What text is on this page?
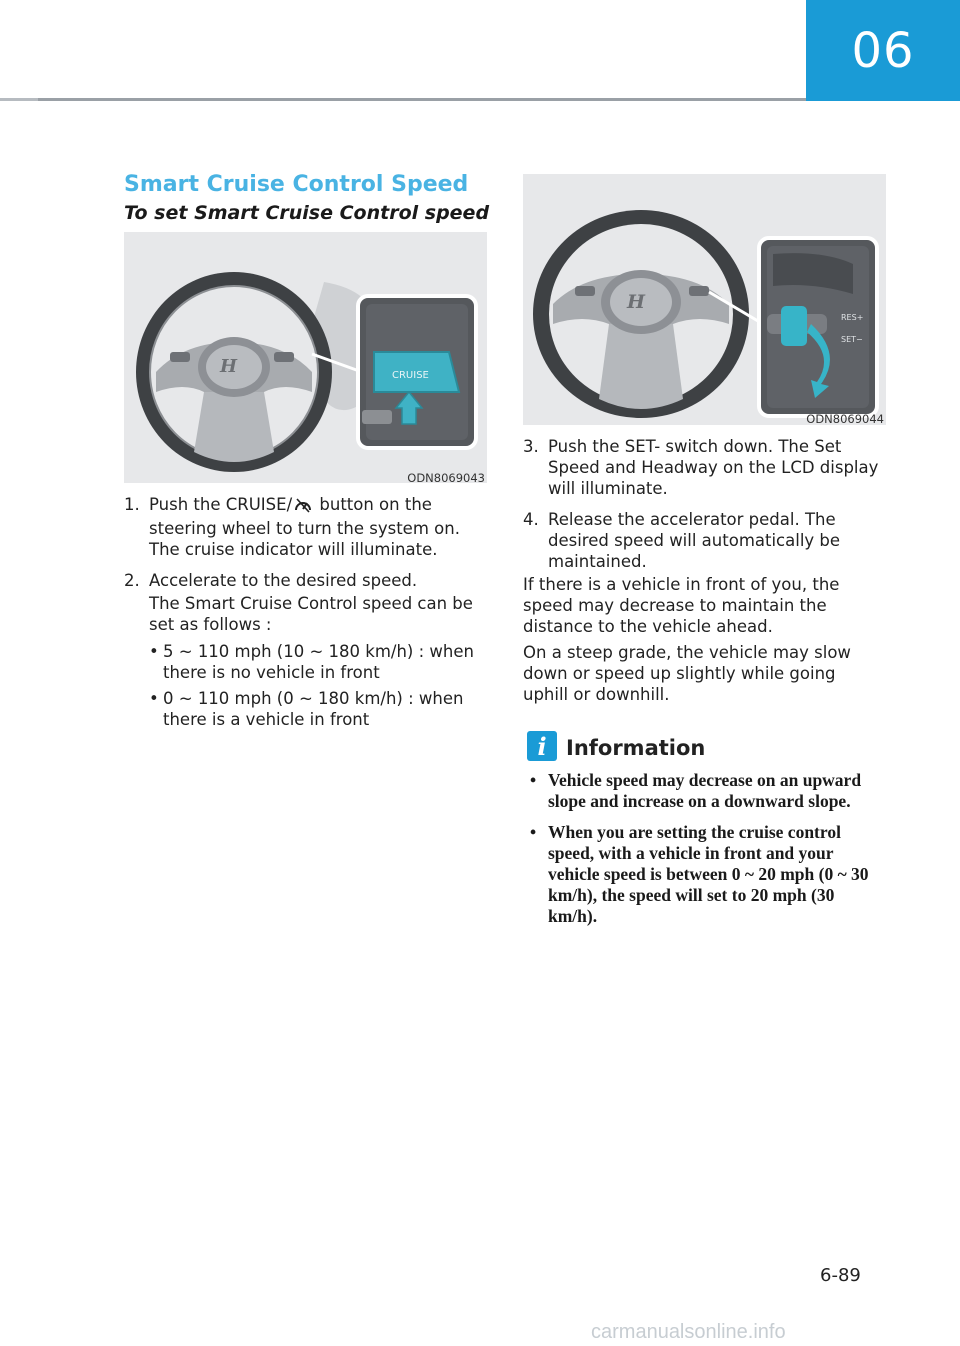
06
Smart Cruise Control Speed
To set Smart Cruise Control speed
H	CRUISE
ODN8069043
1. Push the CRUISE/ button on the steering wheel to turn the system on. The cruise indicator will illuminate.
2. Accelerate to the desired speed.

The Smart Cruise Control speed can be set as follows :

• 5 ~ 110 mph (10 ~ 180 km/h) : when there is no vehicle in front
• 0 ~ 110 mph (0 ~ 180 km/h) : when there is a vehicle in front
H
RES+
SET−
ODN8069044
3. Push the SET- switch down. The Set Speed and Headway on the LCD display will illuminate.
4. Release the accelerator pedal. The desired speed will automatically be maintained.

If there is a vehicle in front of you, the speed may decrease to maintain the distance to the vehicle ahead.

On a steep grade, the vehicle may slow down or speed up slightly while going uphill or downhill.

i Information
• Vehicle speed may decrease on an upward slope and increase on a downward slope.
• When you are setting the cruise control speed, with a vehicle in front and your vehicle speed is between 0 ~ 20 mph (0 ~ 30 km/h), the speed will set to 20 mph (30 km/h).
6-89
carmanualsonline.info
